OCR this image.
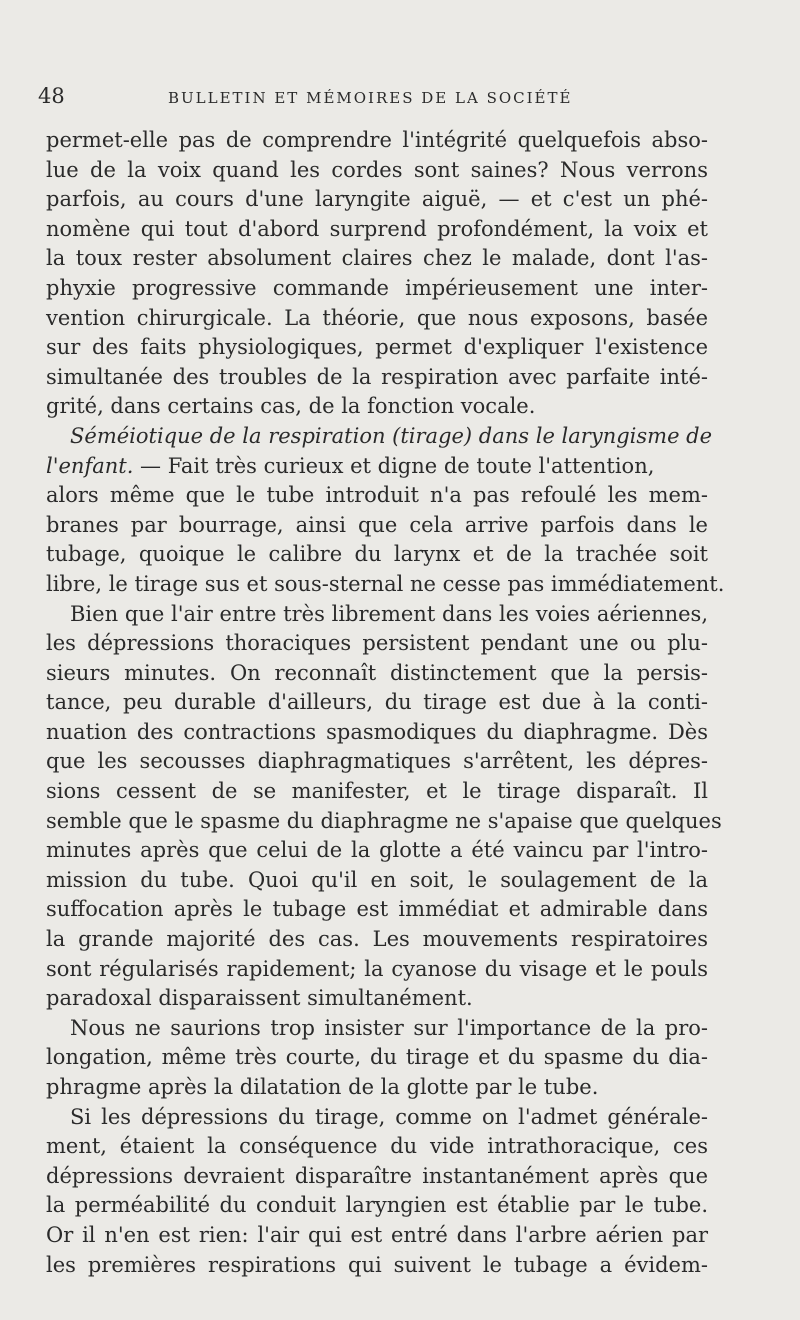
48	BULLETIN ET MÉMOIRES DE LA SOCIÉTÉ
permet-elle pas de comprendre l'intégrité quelquefois abso-
lue de la voix quand les cordes sont saines? Nous verrons
parfois, au cours d'une laryngite aiguë, — et c'est un phé-
nomène qui tout d'abord surprend profondément, la voix et
la toux rester absolument claires chez le malade, dont l'as-
phyxie progressive commande impérieusement une inter-
vention chirurgicale. La théorie, que nous exposons, basée
sur des faits physiologiques, permet d'expliquer l'existence
simultanée des troubles de la respiration avec parfaite inté-
grité, dans certains cas, de la fonction vocale.
Séméiotique de la respiration (tirage) dans le laryngisme de
l'enfant. — Fait très curieux et digne de toute l'attention,
alors même que le tube introduit n'a pas refoulé les mem-
branes par bourrage, ainsi que cela arrive parfois dans le
tubage, quoique le calibre du larynx et de la trachée soit
libre, le tirage sus et sous-sternal ne cesse pas immédiatement.
Bien que l'air entre très librement dans les voies aériennes,
les dépressions thoraciques persistent pendant une ou plu-
sieurs minutes. On reconnaît distinctement que la persis-
tance, peu durable d'ailleurs, du tirage est due à la conti-
nuation des contractions spasmodiques du diaphragme. Dès
que les secousses diaphragmatiques s'arrêtent, les dépres-
sions cessent de se manifester, et le tirage disparaît. Il
semble que le spasme du diaphragme ne s'apaise que quelques
minutes après que celui de la glotte a été vaincu par l'intro-
mission du tube. Quoi qu'il en soit, le soulagement de la
suffocation après le tubage est immédiat et admirable dans
la grande majorité des cas. Les mouvements respiratoires
sont régularisés rapidement; la cyanose du visage et le pouls
paradoxal disparaissent simultanément.
Nous ne saurions trop insister sur l'importance de la pro-
longation, même très courte, du tirage et du spasme du dia-
phragme après la dilatation de la glotte par le tube.
Si les dépressions du tirage, comme on l'admet générale-
ment, étaient la conséquence du vide intrathoracique, ces
dépressions devraient disparaître instantanément après que
la perméabilité du conduit laryngien est établie par le tube.
Or il n'en est rien: l'air qui est entré dans l'arbre aérien par
les premières respirations qui suivent le tubage a évidem-
